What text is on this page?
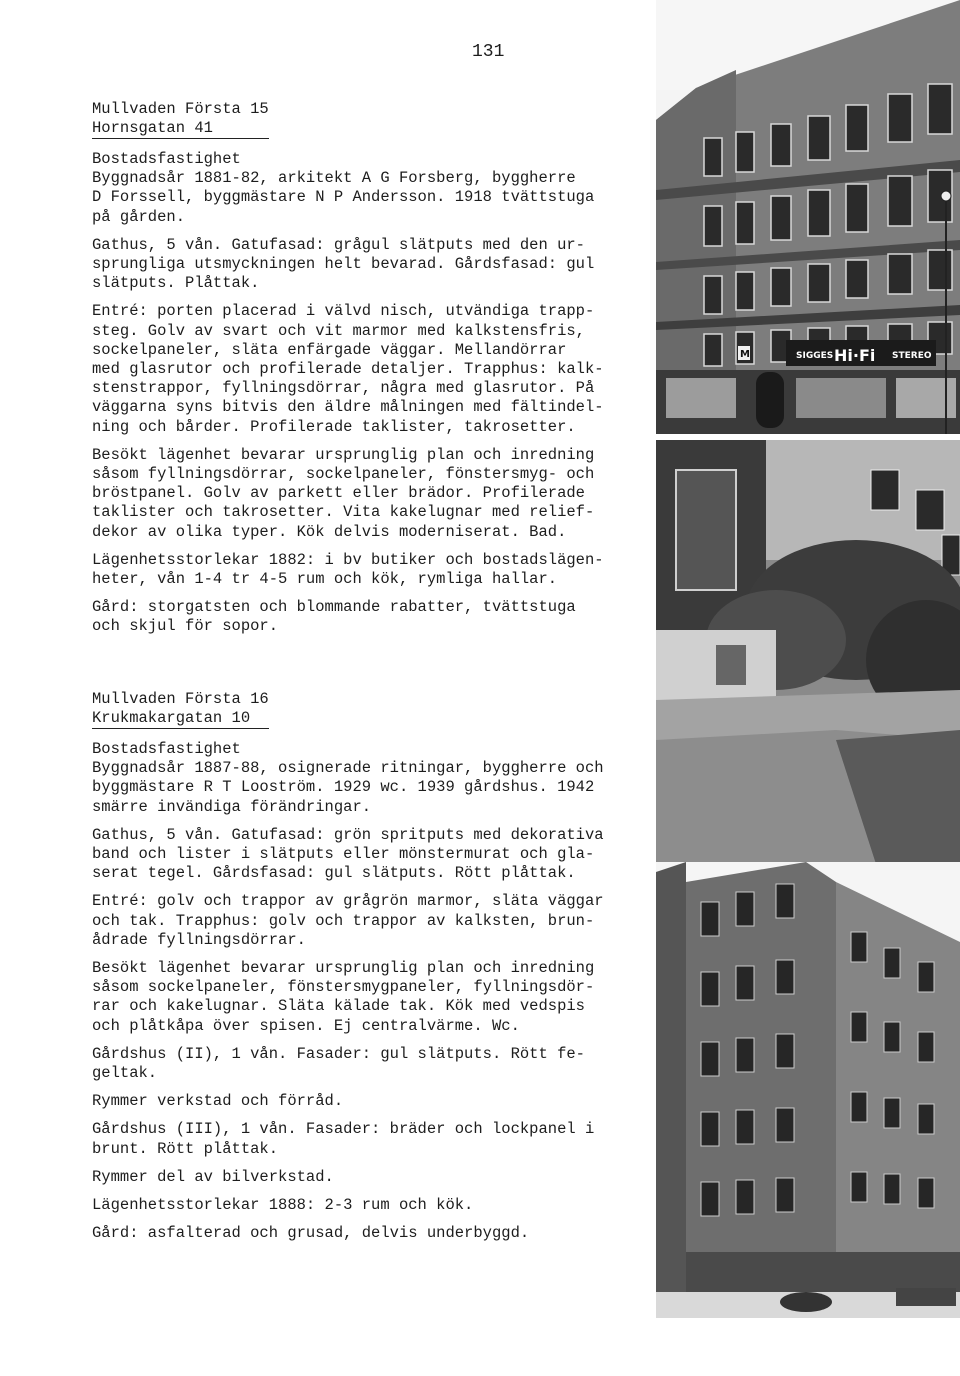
131
Mullvaden Första 15
Hornsgatan 41
Bostadsfastighet
Byggnadsår 1881-82, arkitekt A G Forsberg, byggherre
D Forssell, byggmästare N P Andersson. 1918 tvättstuga
på gården.
Gathus, 5 vån. Gatufasad: grågul slätputs med den ur-
sprungliga utsmyckningen helt bevarad. Gårdsfasad: gul
slätputs. Plåttak.
Entré: porten placerad i välvd nisch, utvändiga trapp-
steg. Golv av svart och vit marmor med kalkstensfris,
sockelpaneler, släta enfärgade väggar. Mellandörrar
med glasrutor och profilerade detaljer. Trapphus: kalk-
stenstrappor, fyllningsdörrar, några med glasrutor. På
väggarna syns bitvis den äldre målningen med fältindel-
ning och bårder. Profilerade taklister, takrosetter.
Besökt lägenhet bevarar ursprunglig plan och inredning
såsom fyllningsdörrar, sockelpaneler, fönstersmyg- och
bröstpanel. Golv av parkett eller brädor. Profilerade
taklister och takrosetter. Vita kakelugnar med relief-
dekor av olika typer. Kök delvis moderniserat. Bad.
Lägenhetsstorlekar 1882: i bv butiker och bostadslägen-
heter, vån 1-4 tr 4-5 rum och kök, rymliga hallar.
Gård: storgatsten och blommande rabatter, tvättstuga
och skjul för sopor.
Mullvaden Första 16
Krukmakargatan 10
Bostadsfastighet
Byggnadsår 1887-88, osignerade ritningar, byggherre och
byggmästare R T Looström. 1929 wc. 1939 gårdshus. 1942
smärre invändiga förändringar.
Gathus, 5 vån. Gatufasad: grön spritputs med dekorativa
band och lister i slätputs eller mönstermurat och gla-
serat tegel. Gårdsfasad: gul slätputs. Rött plåttak.
Entré: golv och trappor av grågrön marmor, släta väggar
och tak. Trapphus: golv och trappor av kalksten, brun-
ådrade fyllningsdörrar.
Besökt lägenhet bevarar ursprunglig plan och inredning
såsom sockelpaneler, fönstersmygpaneler, fyllningsdör-
rar och kakelugnar. Släta kälade tak. Kök med vedspis
och plåtkåpa över spisen. Ej centralvärme. Wc.
Gårdshus (II), 1 vån. Fasader: gul slätputs. Rött fe-
geltak.
Rymmer verkstad och förråd.
Gårdshus (III), 1 vån. Fasader: bräder och lockpanel i
brunt. Rött plåttak.
Rymmer del av bilverkstad.
Lägenhetsstorlekar 1888: 2-3 rum och kök.
Gård: asfalterad och grusad, delvis underbyggd.
SIGGES Hi·Fi STEREO
M
